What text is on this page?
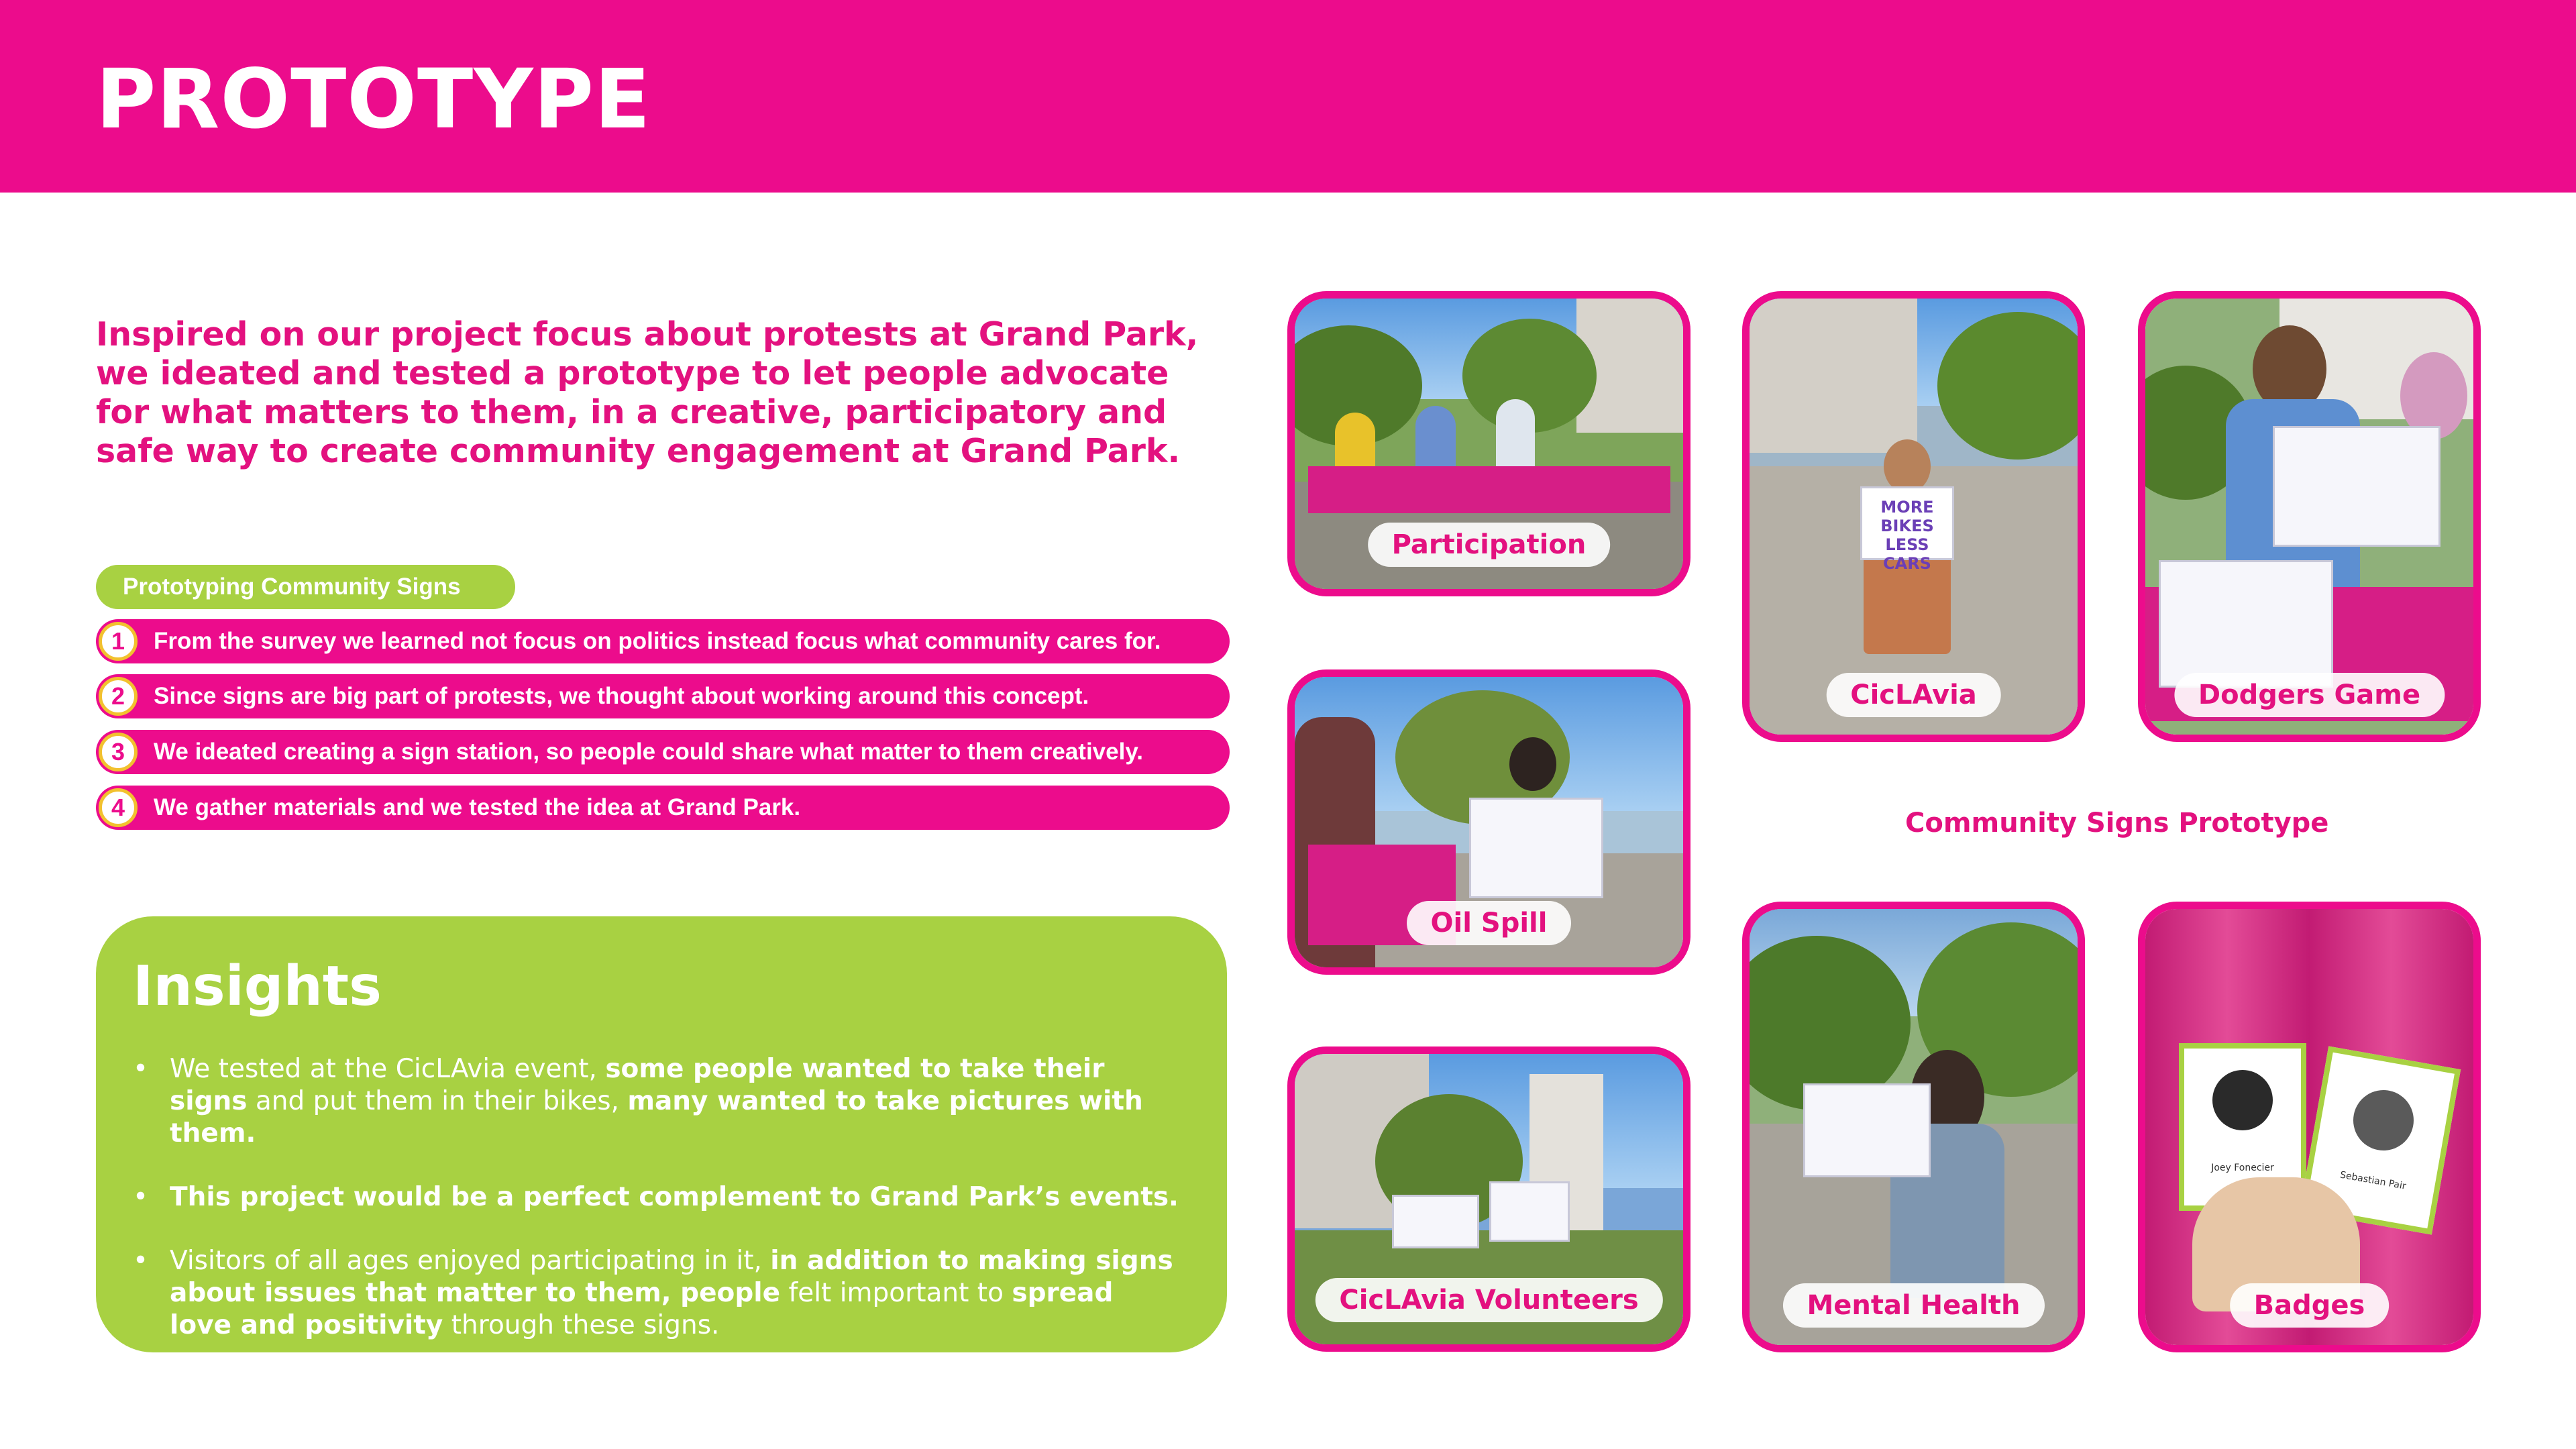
PROTOTYPE

Inspired on our project focus about protests at Grand Park, we ideated and tested a prototype to let people advocate for what matters to them, in a creative, participatory and safe way to create community engagement at Grand Park.

Prototyping Community Signs
1	From the survey we learned not focus on politics instead focus what community cares for.
2	Since signs are big part of protests, we thought about working around this concept.
3	We ideated creating a sign station, so people could share what matter to them creatively.
4	We gather materials and we tested the idea at Grand Park.
Insights
• We tested at the CicLAvia event, some people wanted to take their signs and put them in their bikes, many wanted to take pictures with them.
• This project would be a perfect complement to Grand Park’s events.
• Visitors of all ages enjoyed participating in it, in addition to making signs about issues that matter to them, people felt important to spread love and positivity through these signs.
Participation
Oil Spill
CicLAvia Volunteers
MORE BIKES LESS CARS
CicLAvia	Dodgers Game
Mental Health
Joey Fonecier
Sebastian Pair
Badges
Community Signs Prototype
